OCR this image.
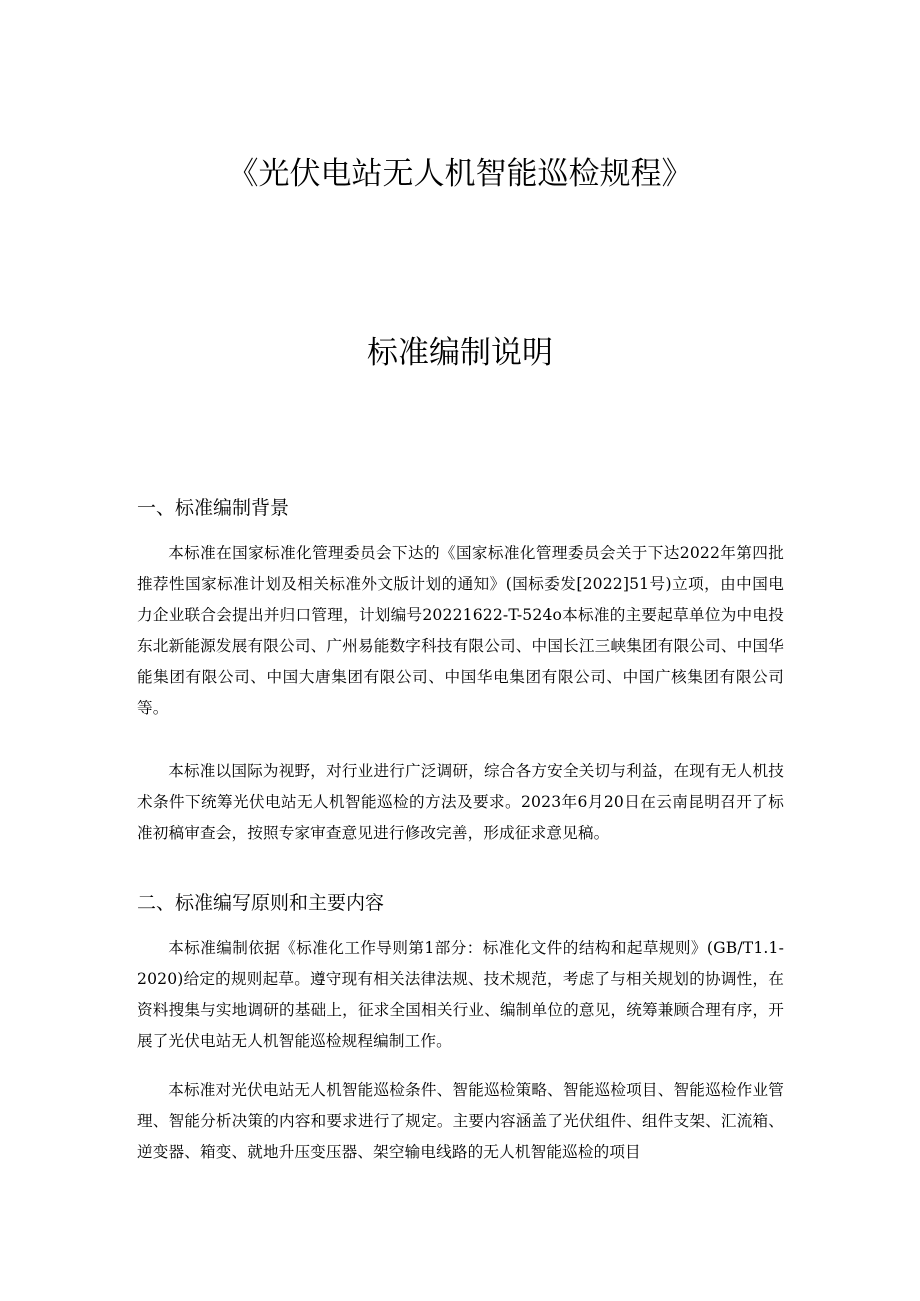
《光伏电站无人机智能巡检规程》
标准编制说明
一、标准编制背景

本标准在国家标准化管理委员会下达的《国家标准化管理委员会关于下达2022年第四批推荐性国家标准计划及相关标准外文版计划的通知》(国标委发[2022]51号)立项，由中国电力企业联合会提出并归口管理，计划编号20221622-T-524o本标准的主要起草单位为中电投东北新能源发展有限公司、广州易能数字科技有限公司、中国长江三峡集团有限公司、中国华能集团有限公司、中国大唐集团有限公司、中国华电集团有限公司、中国广核集团有限公司等。

本标准以国际为视野，对行业进行广泛调研，综合各方安全关切与利益，在现有无人机技术条件下统筹光伏电站无人机智能巡检的方法及要求。2023年6月20日在云南昆明召开了标准初稿审查会，按照专家审查意见进行修改完善，形成征求意见稿。

二、标准编写原则和主要内容

本标准编制依据《标准化工作导则第1部分：标准化文件的结构和起草规则》(GB/T1.1-2020)给定的规则起草。遵守现有相关法律法规、技术规范，考虑了与相关规划的协调性，在资料搜集与实地调研的基础上，征求全国相关行业、编制单位的意见，统筹兼顾合理有序，开展了光伏电站无人机智能巡检规程编制工作。

本标准对光伏电站无人机智能巡检条件、智能巡检策略、智能巡检项目、智能巡检作业管理、智能分析决策的内容和要求进行了规定。主要内容涵盖了光伏组件、组件支架、汇流箱、逆变器、箱变、就地升压变压器、架空输电线路的无人机智能巡检的项目
